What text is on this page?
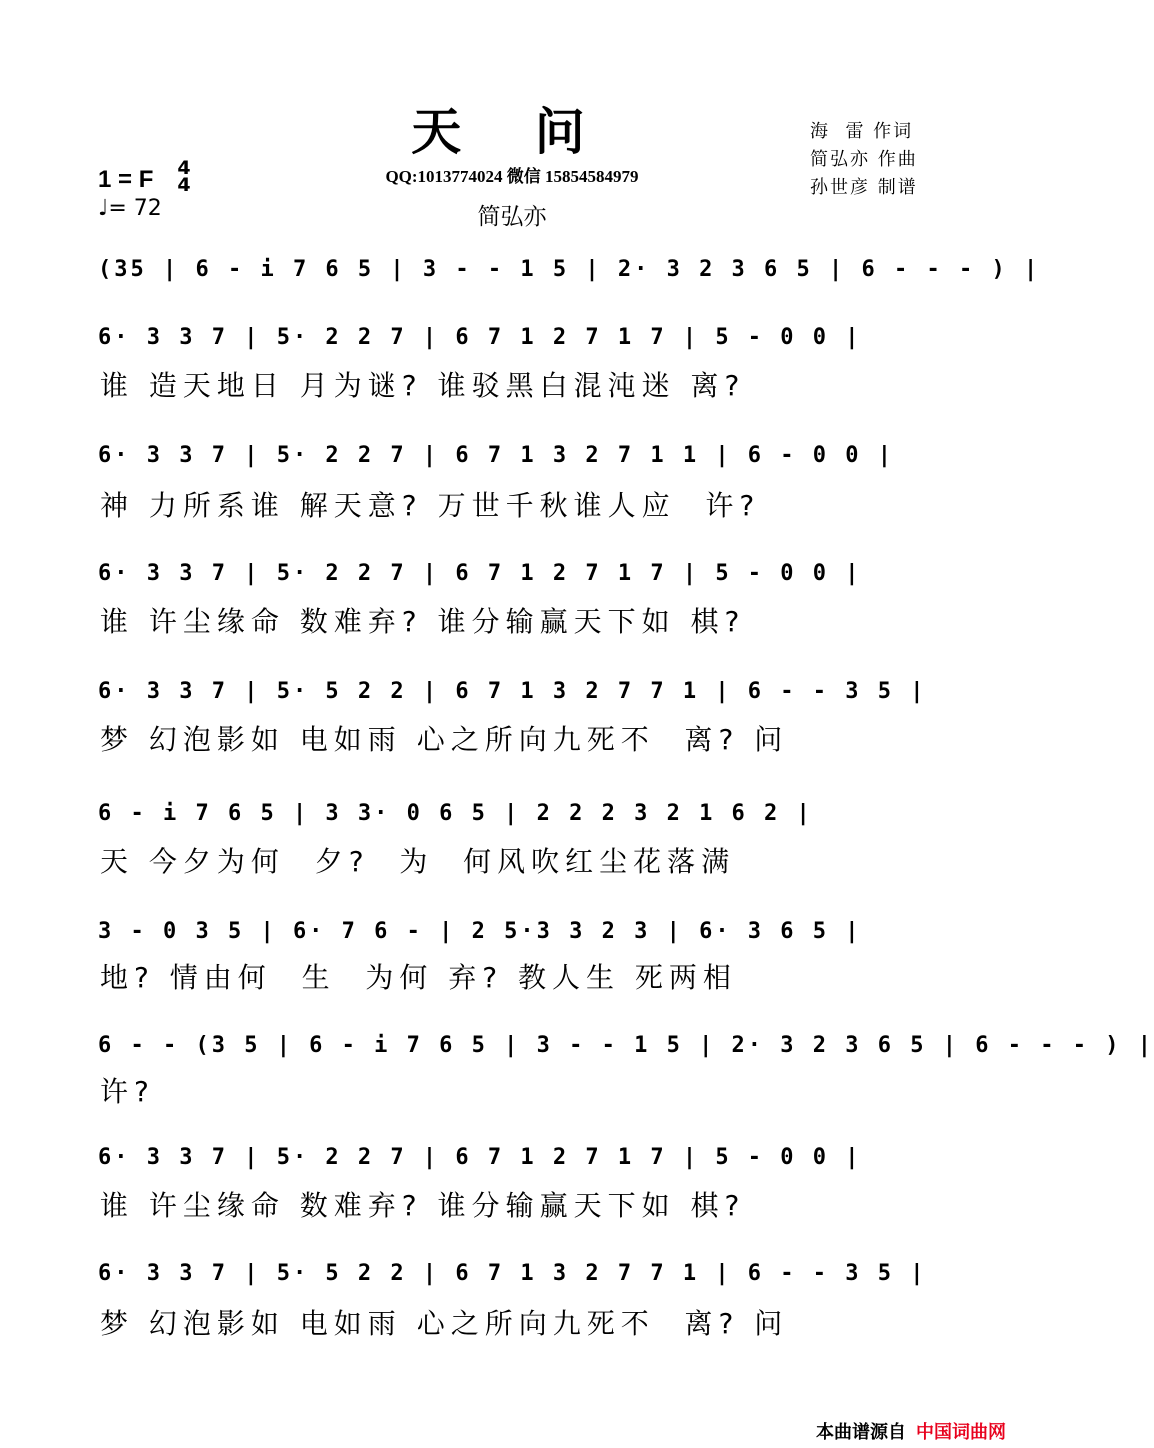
天 问
QQ:1013774024 微信 15854584979
简弘亦
海  雷 作词
简弘亦 作曲
孙世彦 制谱
1 = F 4
4
♩= 72
(35 | 6 - i 7 6 5 | 3 - - 1 5 | 2· 3 2 3 6 5 | 6 - - - ) |
6· 3 3 7 | 5· 2 2 7 | 6 7 1 2 7 1 7 | 5 - 0 0 |
谁 造天地日 月为谜? 谁驳黑白混沌迷 离?
6· 3 3 7 | 5· 2 2 7 | 6 7 1 3 2 7 1 1 | 6 - 0 0 |
神 力所系谁 解天意? 万世千秋谁人应  许?
6· 3 3 7 | 5· 2 2 7 | 6 7 1 2 7 1 7 | 5 - 0 0 |
谁 许尘缘命 数难弃? 谁分输赢天下如 棋?
6· 3 3 7 | 5· 5 2 2 | 6 7 1 3 2 7 7 1 | 6 - - 3 5 |
梦 幻泡影如 电如雨 心之所向九死不  离? 问
6 - i 7 6 5 | 3 3· 0 6 5 | 2 2 2 3 2 1 6 2 |
天 今夕为何  夕?  为  何风吹红尘花落满
3 - 0 3 5 | 6· 7 6 - | 2 5·3 3 2 3 | 6· 3 6 5 |
地? 情由何  生  为何 弃? 教人生 死两相
6 - - (3 5 | 6 - i 7 6 5 | 3 - - 1 5 | 2· 3 2 3 6 5 | 6 - - - ) |
许?
6· 3 3 7 | 5· 2 2 7 | 6 7 1 2 7 1 7 | 5 - 0 0 |
谁 许尘缘命 数难弃? 谁分输赢天下如 棋?
6· 3 3 7 | 5· 5 2 2 | 6 7 1 3 2 7 7 1 | 6 - - 3 5 |
梦 幻泡影如 电如雨 心之所向九死不  离? 问
本曲谱源自 中国词曲网
